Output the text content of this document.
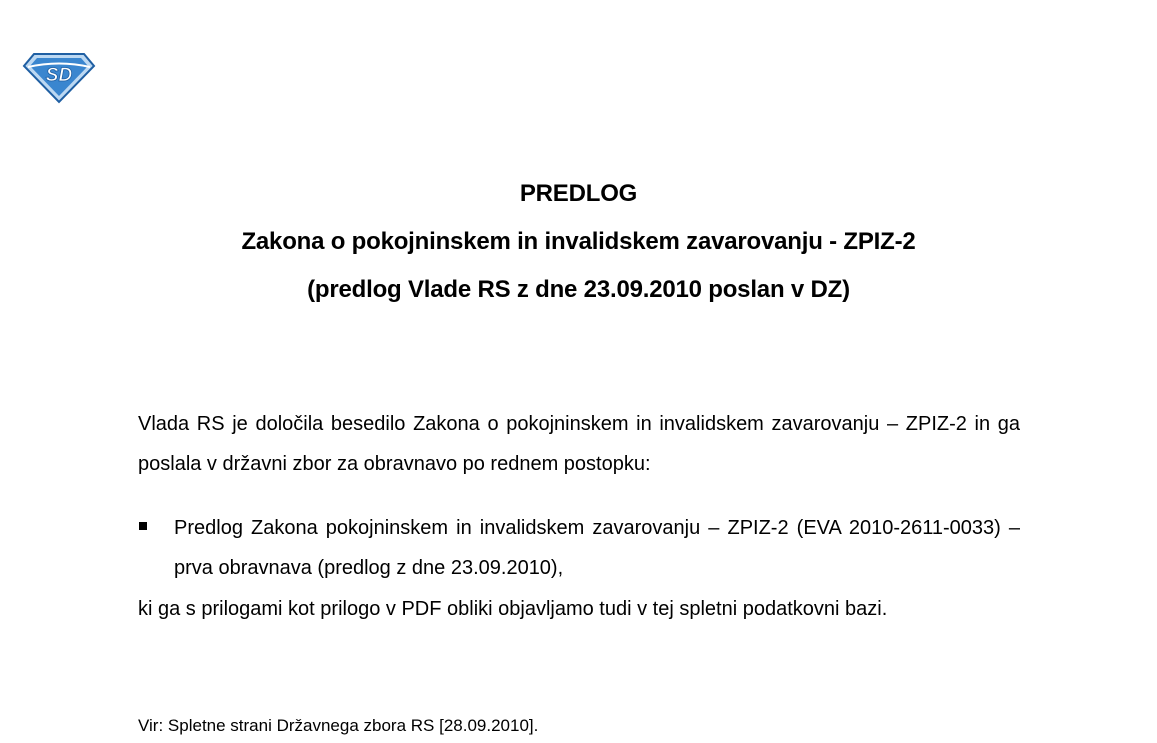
SD
PREDLOG
Zakona o pokojninskem in invalidskem zavarovanju - ZPIZ-2
(predlog Vlade RS z dne 23.09.2010 poslan v DZ)
Vlada RS je določila besedilo Zakona o pokojninskem in invalidskem zavarovanju – ZPIZ-2 in ga poslala v državni zbor za obravnavo po rednem postopku:
Predlog Zakona pokojninskem in invalidskem zavarovanju – ZPIZ-2 (EVA 2010-2611-0033) – prva obravnava (predlog z dne 23.09.2010),
ki ga s prilogami kot prilogo v PDF obliki objavljamo tudi v tej spletni podatkovni bazi.
Vir: Spletne strani Državnega zbora RS [28.09.2010].
